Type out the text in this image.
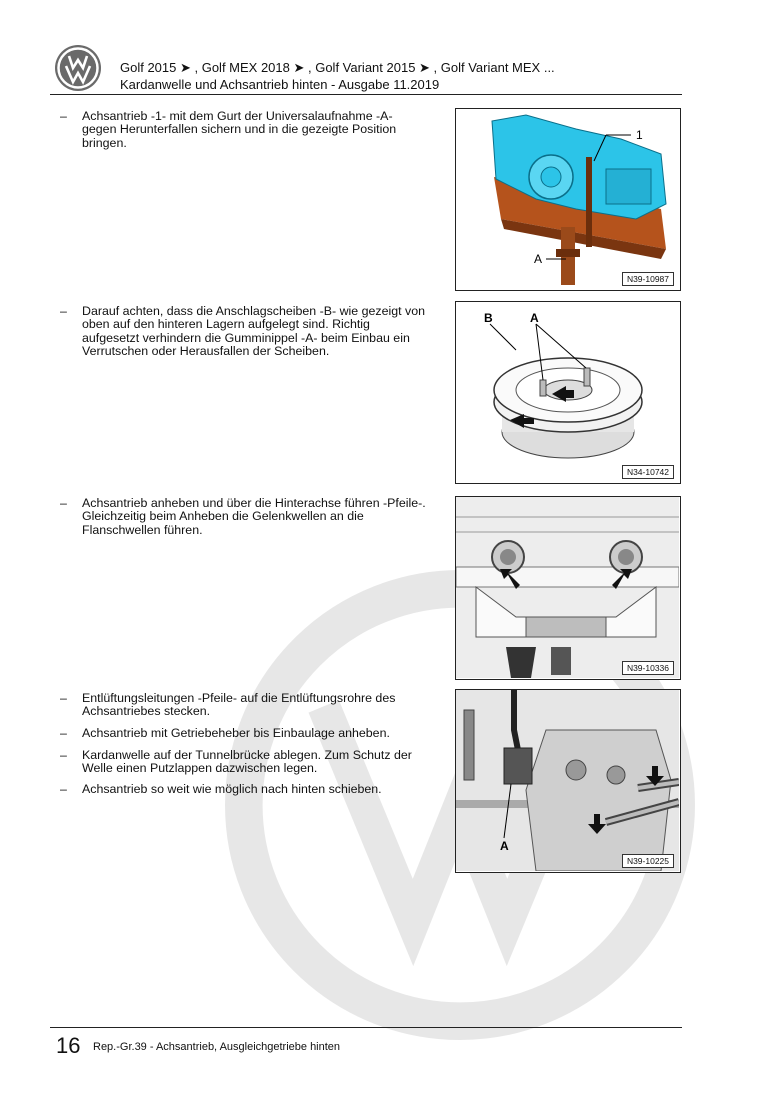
Golf 2015 ➤ , Golf MEX 2018 ➤ , Golf Variant 2015 ➤ , Golf Variant MEX ...
Kardanwelle und Achsantrieb hinten - Ausgabe 11.2019
– Achsantrieb -1- mit dem Gurt der Universalaufnahme -A- gegen Herunterfallen sichern und in die gezeigte Position bringen.
– Darauf achten, dass die Anschlagscheiben -B- wie gezeigt von oben auf den hinteren Lagern aufgelegt sind. Richtig aufgesetzt verhindern die Gumminippel -A- beim Einbau ein Verrutschen oder Herausfallen der Scheiben.
– Achsantrieb anheben und über die Hinterachse führen -Pfeile-. Gleichzeitig beim Anheben die Gelenkwellen an die Flanschwellen führen.
– Entlüftungsleitungen -Pfeile- auf die Entlüftungsrohre des Achsantriebes stecken.
– Achsantrieb mit Getriebeheber bis Einbaulage anheben.
– Kardanwelle auf der Tunnelbrücke ablegen. Zum Schutz der Welle einen Putzlappen dazwischen legen.
– Achsantrieb so weit wie möglich nach hinten schieben.
1
A
N39-10987
B	A
N34-10742
N39-10336
A
N39-10225
16 Rep.-Gr.39 - Achsantrieb, Ausgleichgetriebe hinten
